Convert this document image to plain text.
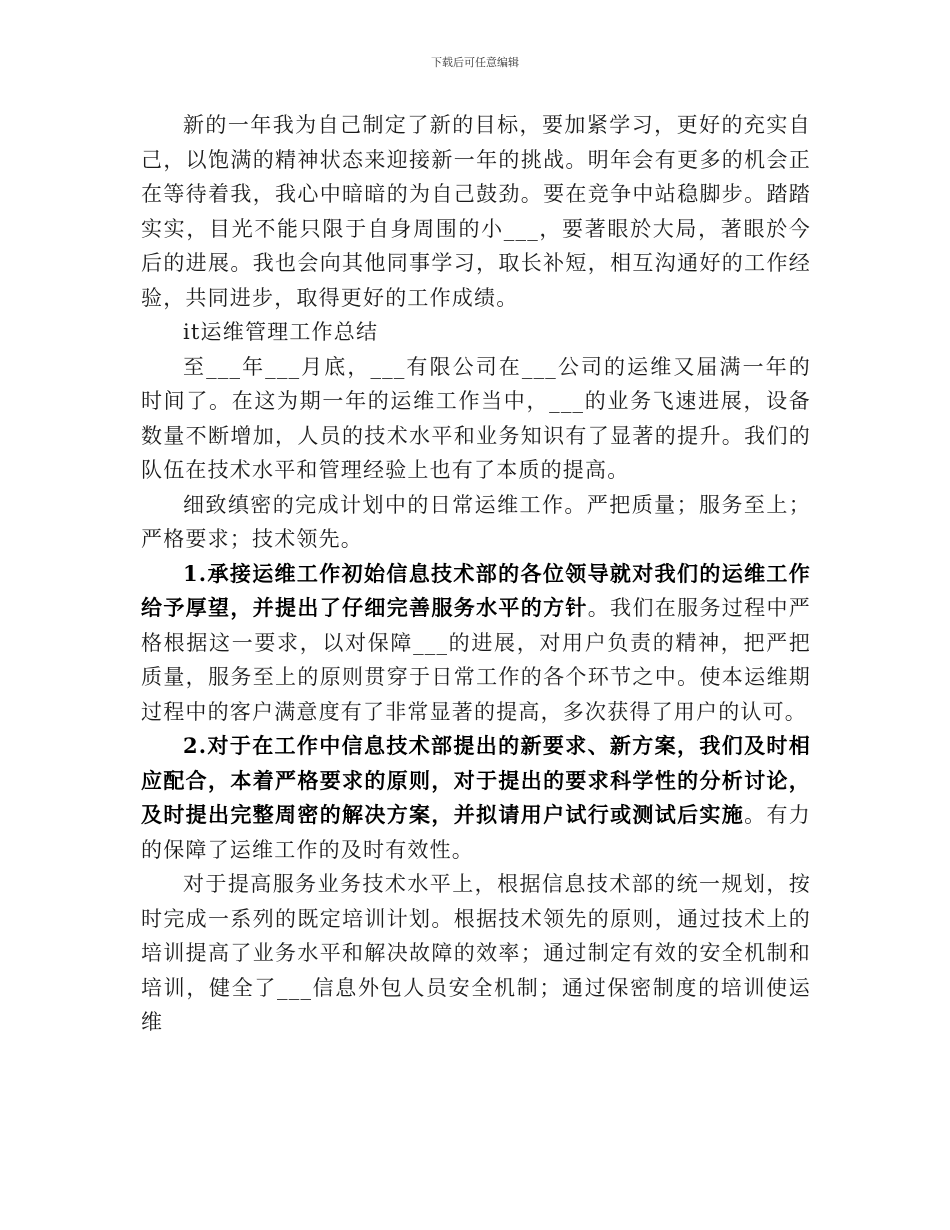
下载后可任意编辑

新的一年我为自己制定了新的目标，要加紧学习，更好的充实自己，以饱满的精神状态来迎接新一年的挑战。明年会有更多的机会正在等待着我，我心中暗暗的为自己鼓劲。要在竞争中站稳脚步。踏踏实实，目光不能只限于自身周围的小___，要著眼於大局，著眼於今后的进展。我也会向其他同事学习，取长补短，相互沟通好的工作经验，共同进步，取得更好的工作成绩。

it运维管理工作总结

至___年___月底，___有限公司在___公司的运维又届满一年的时间了。在这为期一年的运维工作当中，___的业务飞速进展，设备数量不断增加，人员的技术水平和业务知识有了显著的提升。我们的队伍在技术水平和管理经验上也有了本质的提高。

细致缜密的完成计划中的日常运维工作。严把质量；服务至上；严格要求；技术领先。

1.承接运维工作初始信息技术部的各位领导就对我们的运维工作给予厚望，并提出了仔细完善服务水平的方针。我们在服务过程中严格根据这一要求，以对保障___的进展，对用户负责的精神，把严把质量，服务至上的原则贯穿于日常工作的各个环节之中。使本运维期过程中的客户满意度有了非常显著的提高，多次获得了用户的认可。

2.对于在工作中信息技术部提出的新要求、新方案，我们及时相应配合，本着严格要求的原则，对于提出的要求科学性的分析讨论，及时提出完整周密的解决方案，并拟请用户试行或测试后实施。有力的保障了运维工作的及时有效性。

对于提高服务业务技术水平上，根据信息技术部的统一规划，按时完成一系列的既定培训计划。根据技术领先的原则，通过技术上的培训提高了业务水平和解决故障的效率；通过制定有效的安全机制和培训，健全了___信息外包人员安全机制；通过保密制度的培训使运维
